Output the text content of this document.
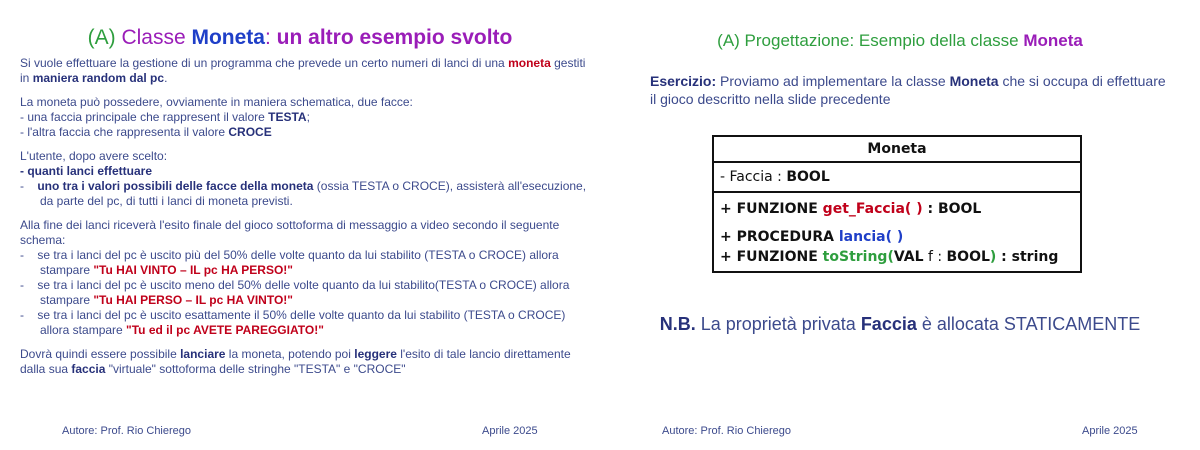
(A) Classe Moneta: un altro esempio svolto

Si vuole effettuare la gestione di un programma che prevede un certo numeri di lanci di una moneta gestiti in maniera random dal pc.

La moneta può possedere, ovviamente in maniera schematica, due facce:
- una faccia principale che rappresent il valore TESTA;
- l'altra faccia che rappresenta il valore CROCE

L'utente, dopo avere scelto:
- quanti lanci effettuare
-    uno tra i valori possibili delle facce della moneta (ossia TESTA o CROCE), assisterà all'esecuzione, da parte del pc, di tutti i lanci di moneta previsti.

Alla fine dei lanci riceverà l'esito finale del gioco sottoforma di messaggio a video secondo il seguente schema:
-    se tra i lanci del pc è uscito più del 50% delle volte quanto da lui stabilito (TESTA o CROCE) allora stampare "Tu HAI VINTO – IL pc HA PERSO!"
-    se tra i lanci del pc è uscito meno del 50% delle volte quanto da lui stabilito(TESTA o CROCE) allora stampare "Tu HAI PERSO – IL pc HA VINTO!"
-    se tra i lanci del pc è uscito esattamente il 50% delle volte quanto da lui stabilito (TESTA o CROCE) allora stampare "Tu ed il pc AVETE PAREGGIATO!"

Dovrà quindi essere possibile lanciare la moneta, potendo poi leggere l'esito di tale lancio direttamente dalla sua faccia "virtuale" sottoforma delle stringhe "TESTA" e "CROCE"

Autore: Prof. Rio Chierego	Aprile 2025
(A) Progettazione: Esempio della classe Moneta
Esercizio: Proviamo ad implementare la classe Moneta che si occupa di effettuare il gioco descritto nella slide precedente
Moneta
- Faccia : BOOL
+ FUNZIONE get_Faccia( ) : BOOL
+ PROCEDURA lancia( )
+ FUNZIONE toString(VAL f : BOOL) : string
N.B. La proprietà privata Faccia è allocata STATICAMENTE
Autore: Prof. Rio Chierego	Aprile 2025
